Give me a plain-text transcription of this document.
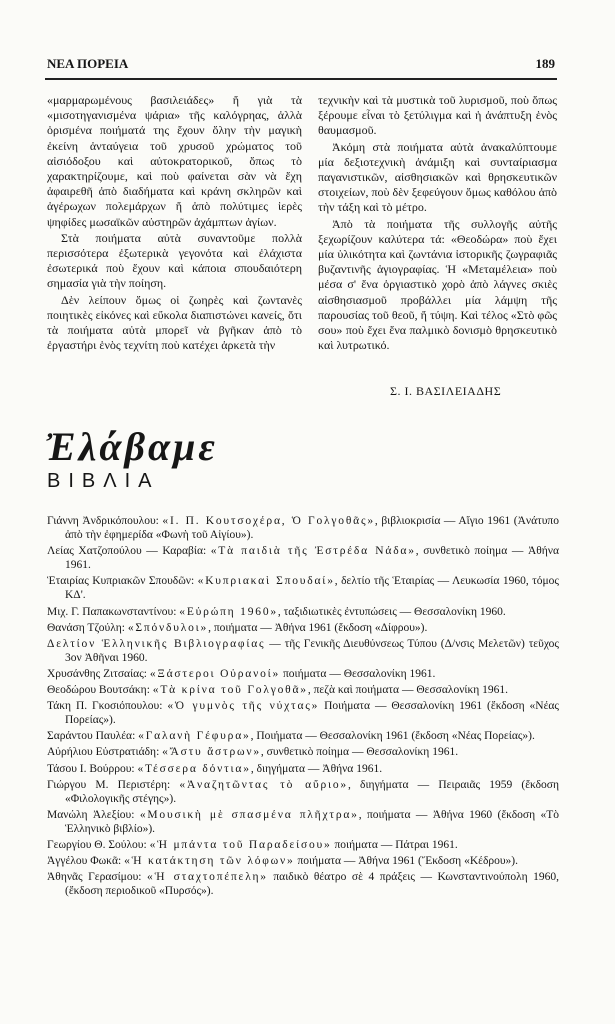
ΝΕΑ ΠΟΡΕΙΑ	189

«μαρμαρωμένους βασιλειάδες» ἤ γιὰ τὰ «μισοτηγανισμένα ψάρια» τῆς καλόγρηας, ἀλλὰ ὁρισμένα ποιήματά της ἔχουν ὅλην τὴν μαγικὴ ἐκείνη ἀνταύγεια τοῦ χρυσοῦ χρώματος τοῦ αἰσιόδοξου καὶ αὐτοκρατορικοῦ, ὅπως τὸ χαρακτηρίζουμε, καὶ ποὺ φαίνεται σὰν νὰ ἔχη ἀφαιρεθῆ ἀπὸ διαδήματα καὶ κράνη σκληρῶν καὶ ἀγέρωχων πολεμάρχων ἤ ἀπὸ πολύτιμες ἱερὲς ψηφίδες μωσαϊκῶν αὐστηρῶν ἀχάμπτων ἁγίων.

Στὰ ποιήματα αὐτὰ συναντοῦμε πολλὰ περισσότερα ἐξωτερικὰ γεγονότα καὶ ἐλάχιστα ἐσωτερικά ποὺ ἔχουν καὶ κάποια σπουδαιότερη σημασία γιὰ τὴν ποίηση.

Δὲν λείπουν ὅμως οἱ ζωηρὲς καὶ ζωντανὲς ποιητικὲς εἰκόνες καὶ εὔκολα διαπιστώνει κανείς, ὅτι τὰ ποιήματα αὐτὰ μπορεῖ νὰ βγῆκαν ἀπὸ τὸ ἐργαστήρι ἑνὸς τεχνίτη ποὺ κατέχει ἀρκετὰ τὴν

τεχνικὴν καὶ τὰ μυστικὰ τοῦ λυρισμοῦ, ποὺ ὅπως ξέρουμε εἶναι τὸ ξετύλιγμα καὶ ἡ ἀνάπτυξη ἑνὸς θαυμασμοῦ.

Ἀκόμη στὰ ποιήματα αὐτὰ ἀνακαλύπτουμε μία δεξιοτεχνικὴ ἀνάμιξη καὶ συνταίριασμα παγανιστικῶν, αἰσθησιακῶν καὶ θρησκευτικῶν στοιχείων, ποὺ δὲν ξεφεύγουν ὅμως καθόλου ἀπὸ τὴν τάξη καὶ τὸ μέτρο.

Ἀπὸ τὰ ποιήματα τῆς συλλογῆς αὐτῆς ξεχωρίζουν καλύτερα τά: «Θεοδώρα» ποὺ ἔχει μία ὑλικότητα καὶ ζωντάνια ἱστορικῆς ζωγραφιᾶς βυζαντινῆς ἁγιογραφίας. Ἡ «Μεταμέλεια» ποὺ μέσα σ' ἕνα ὀργιαστικὸ χορὸ ἀπὸ λάγνες σκιὲς αἰσθησιασμοῦ προβάλλει μία λάμψη τῆς παρουσίας τοῦ θεοῦ, ἤ τύψη. Καὶ τέλος «Στὸ φῶς σου» ποὺ ἔχει ἕνα παλμικὸ δονισμὸ θρησκευτικὸ καὶ λυτρωτικό.

Σ. Ι. ΒΑΣΙΛΕΙΑΔΗΣ
Ἐλάβαμε
ΒΙΒΛΙΑ
Γιάννη Ἀνδρικόπουλου: «Ι. Π. Κουτσοχέρα, Ὁ Γολγοθᾶς», βιβλιοκρισία — Αἴγιο 1961 (Ἀνάτυπο ἀπὸ τὴν ἐφημερίδα «Φωνὴ τοῦ Αἰγίου»).
Λείας Χατζοπούλου — Καραβία: «Τὰ παιδιὰ τῆς Ἐστρέδα Νάδα», συνθετικὸ ποίημα — Ἀθήνα 1961.
Ἑταιρίας Κυπριακῶν Σπουδῶν: «Κυπριακαὶ Σπουδαί», δελτίο τῆς Ἑταιρίας — Λευκωσία 1960, τόμος ΚΔ'.
Μιχ. Γ. Παπακωνσταντίνου: «Εὐρώπη 1960», ταξιδιωτικὲς ἐντυπώσεις — Θεσσαλονίκη 1960.
Θανάση Τζούλη: «Σπόνδυλοι», ποιήματα — Ἀθήνα 1961 (ἔκδοση «Δίφρου»).
Δελτίον Ἑλληνικῆς Βιβλιογραφίας — τῆς Γενικῆς Διευθύνσεως Τύπου (Δ/νσις Μελετῶν) τεῦχος 3ον Ἀθῆναι 1960.
Χρυσάνθης Ζιτσαίας: «Ξάστεροι Οὐρανοί» ποιήματα — Θεσσαλονίκη 1961.
Θεοδώρου Βουτσάκη: «Τὰ κρίνα τοῦ Γολγοθᾶ», πεζὰ καὶ ποιήματα — Θεσσαλονίκη 1961.
Τάκη Π. Γκοσιόπουλου: «Ὁ γυμνὸς τῆς νύχτας» Ποιήματα — Θεσσαλονίκη 1961 (ἔκδοση «Νέας Πορείας»).
Σαράντου Παυλέα: «Γαλανὴ Γέφυρα», Ποιήματα — Θεσσαλονίκη 1961 (ἔκδοση «Νέας Πορείας»).
Αὐρήλιου Εὐστρατιάδη: «Ἄστυ ἄστρων», συνθετικὸ ποίημα — Θεσσαλονίκη 1961.
Τάσου Ι. Βούρρου: «Τέσσερα δόντια», διηγήματα — Ἀθήνα 1961.
Γιώργου Μ. Περιστέρη: «Ἀναζητῶντας τὸ αὔριο», διηγήματα — Πειραιᾶς 1959 (ἔκδοση «Φιλολογικῆς στέγης»).
Μανώλη Ἀλεξίου: «Μουσικὴ μὲ σπασμένα πλῆχτρα», ποιήματα — Ἀθήνα 1960 (ἔκδοση «Τὸ Ἑλληνικὸ βιβλίο»).
Γεωργίου Θ. Σούλου: «Ἡ μπάντα τοῦ Παραδείσου» ποιήματα — Πάτραι 1961.
Ἀγγέλου Φωκᾶ: «Ἡ κατάκτηση τῶν λόφων» ποιήματα — Ἀθήνα 1961 (Ἔκδοση «Κέδρου»).
Ἀθηνᾶς Γερασίμου: «Ἡ σταχτοπέπελη» παιδικὸ θέατρο σὲ 4 πράξεις — Κωνσταντινούπολη 1960, (ἔκδοση περιοδικοῦ «Πυρσός»).
